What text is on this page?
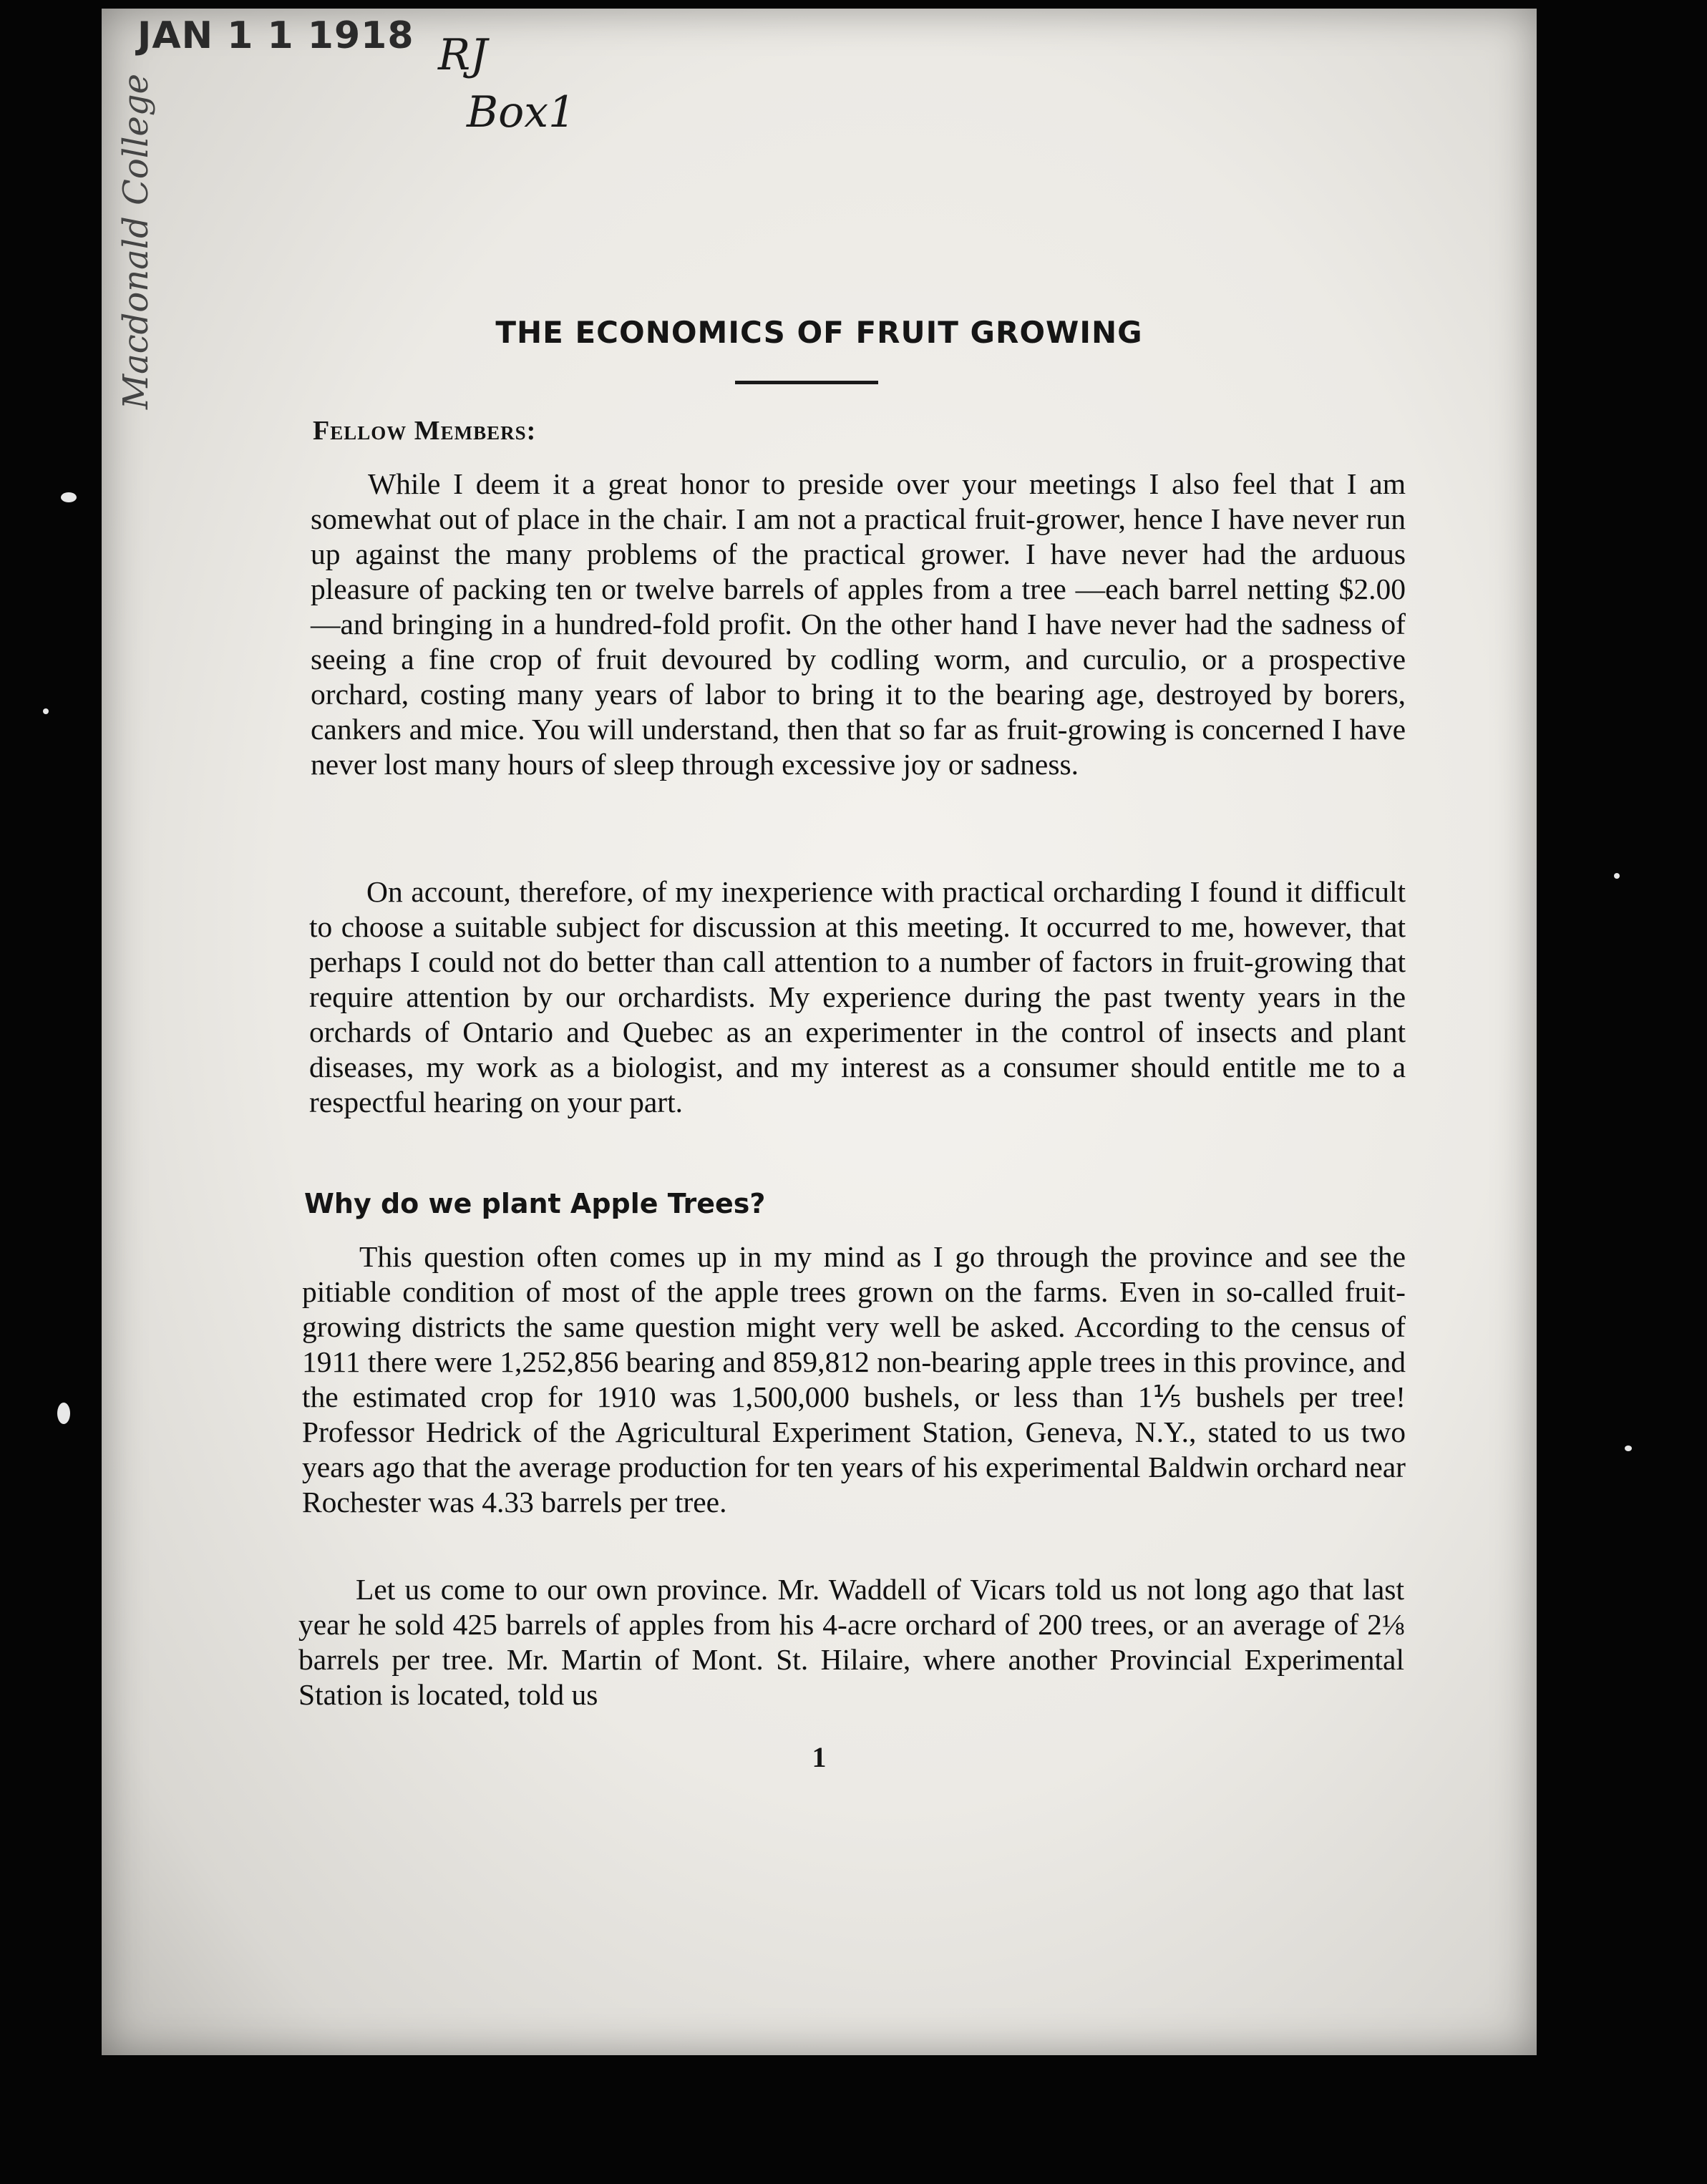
JAN 1 1 1918 RJ
Box1
Macdonald College	THE ECONOMICS OF FRUIT GROWING
Fellow Members:
While I deem it a great honor to preside over your meetings I also feel that I am somewhat out of place in the chair. I am not a practical fruit-grower, hence I have never run up against the many problems of the practical grower. I have never had the arduous pleasure of packing ten or twelve barrels of apples from a tree —each barrel netting $2.00—and bringing in a hundred-fold profit. On the other hand I have never had the sadness of seeing a fine crop of fruit devoured by codling worm, and curculio, or a prospective orchard, costing many years of labor to bring it to the bearing age, destroyed by borers, cankers and mice. You will understand, then that so far as fruit-growing is concerned I have never lost many hours of sleep through excessive joy or sadness.
On account, therefore, of my inexperience with practical orcharding I found it difficult to choose a suitable subject for discussion at this meeting. It occurred to me, however, that perhaps I could not do better than call attention to a number of factors in fruit-growing that require attention by our orchardists. My experience during the past twenty years in the orchards of Ontario and Quebec as an experimenter in the control of insects and plant diseases, my work as a biologist, and my interest as a consumer should entitle me to a respectful hearing on your part.
Why do we plant Apple Trees?
This question often comes up in my mind as I go through the province and see the pitiable condition of most of the apple trees grown on the farms. Even in so-called fruit-growing districts the same question might very well be asked. According to the census of 1911 there were 1,252,856 bearing and 859,812 non-bearing apple trees in this province, and the estimated crop for 1910 was 1,500,000 bushels, or less than 1⅕ bushels per tree! Professor Hedrick of the Agricultural Experiment Station, Geneva, N.Y., stated to us two years ago that the average production for ten years of his experimental Baldwin orchard near Rochester was 4.33 barrels per tree.
Let us come to our own province. Mr. Waddell of Vicars told us not long ago that last year he sold 425 barrels of apples from his 4-acre orchard of 200 trees, or an average of 2⅛ barrels per tree. Mr. Martin of Mont. St. Hilaire, where another Provincial Experimental Station is located, told us
1
